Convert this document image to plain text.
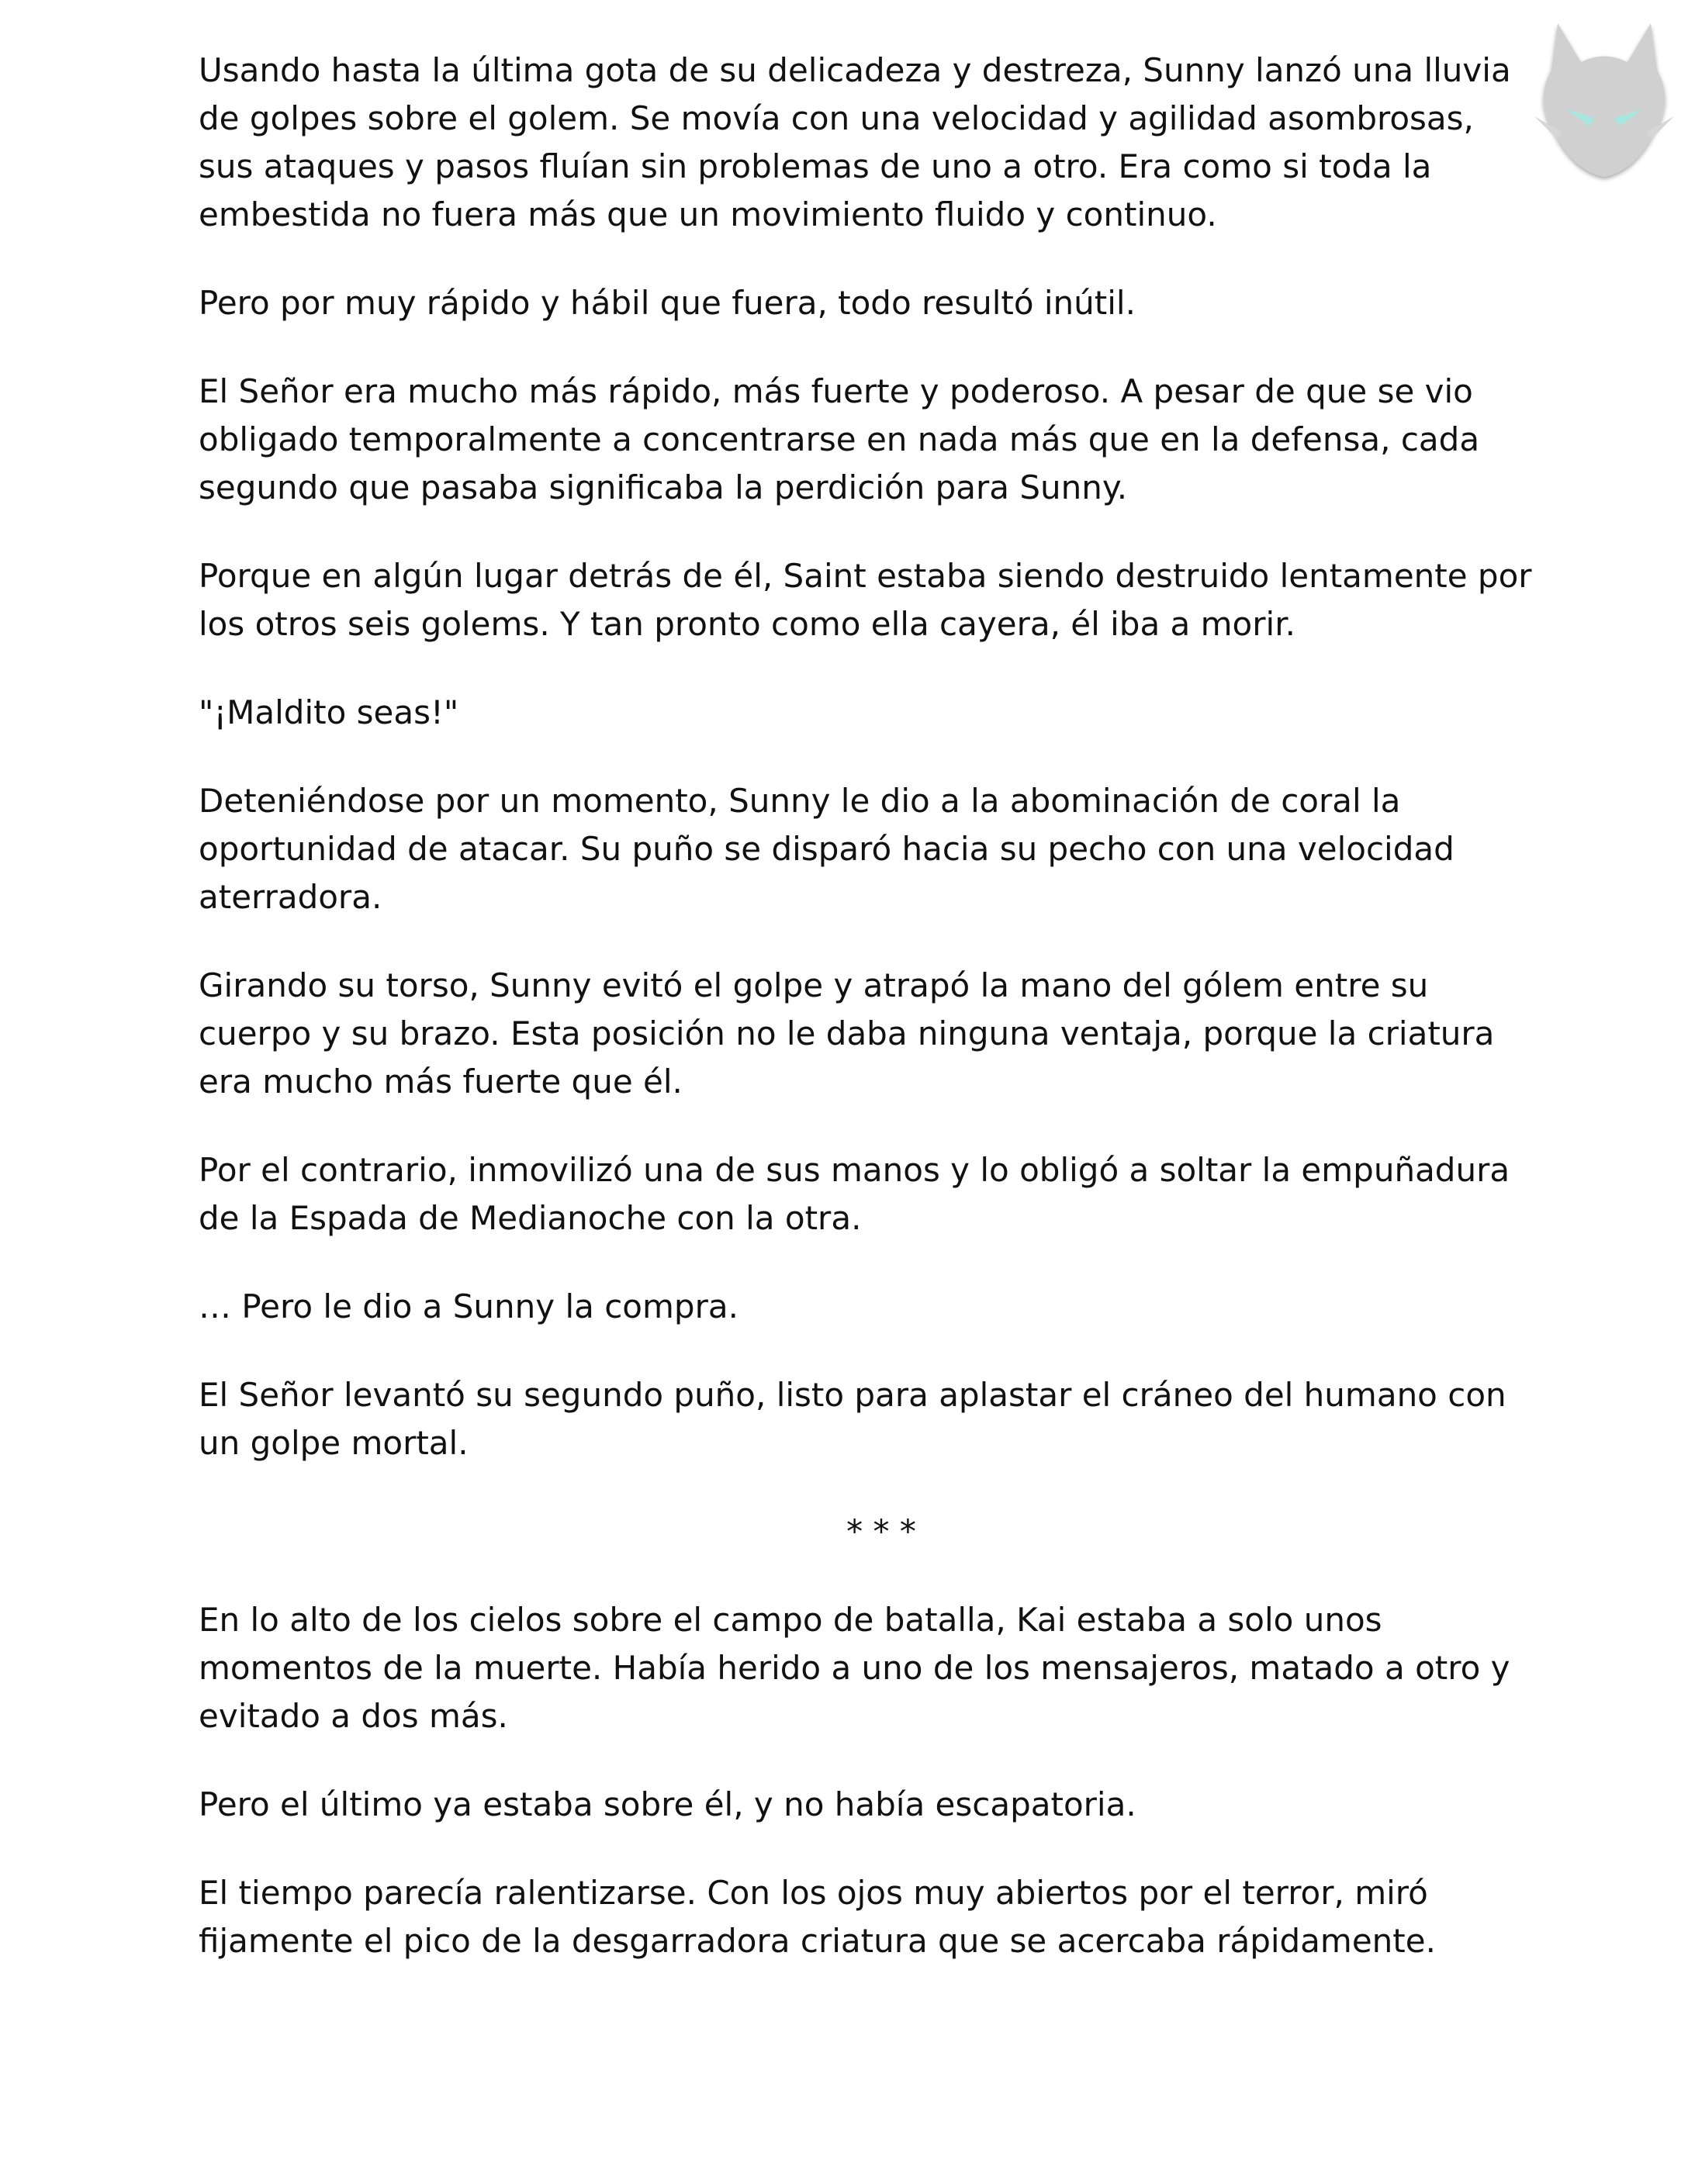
Usando hasta la última gota de su delicadeza y destreza, Sunny lanzó una lluvia de golpes sobre el golem. Se movía con una velocidad y agilidad asombrosas, sus ataques y pasos fluían sin problemas de uno a otro. Era como si toda la embestida no fuera más que un movimiento fluido y continuo.

Pero por muy rápido y hábil que fuera, todo resultó inútil.

El Señor era mucho más rápido, más fuerte y poderoso. A pesar de que se vio obligado temporalmente a concentrarse en nada más que en la defensa, cada segundo que pasaba significaba la perdición para Sunny.

Porque en algún lugar detrás de él, Saint estaba siendo destruido lentamente por los otros seis golems. Y tan pronto como ella cayera, él iba a morir.

"¡Maldito seas!"

Deteniéndose por un momento, Sunny le dio a la abominación de coral la oportunidad de atacar. Su puño se disparó hacia su pecho con una velocidad aterradora.

Girando su torso, Sunny evitó el golpe y atrapó la mano del gólem entre su cuerpo y su brazo. Esta posición no le daba ninguna ventaja, porque la criatura era mucho más fuerte que él.

Por el contrario, inmovilizó una de sus manos y lo obligó a soltar la empuñadura de la Espada de Medianoche con la otra.

… Pero le dio a Sunny la compra.

El Señor levantó su segundo puño, listo para aplastar el cráneo del humano con un golpe mortal.

* * *

En lo alto de los cielos sobre el campo de batalla, Kai estaba a solo unos momentos de la muerte. Había herido a uno de los mensajeros, matado a otro y evitado a dos más.

Pero el último ya estaba sobre él, y no había escapatoria.

El tiempo parecía ralentizarse. Con los ojos muy abiertos por el terror, miró fijamente el pico de la desgarradora criatura que se acercaba rápidamente.
